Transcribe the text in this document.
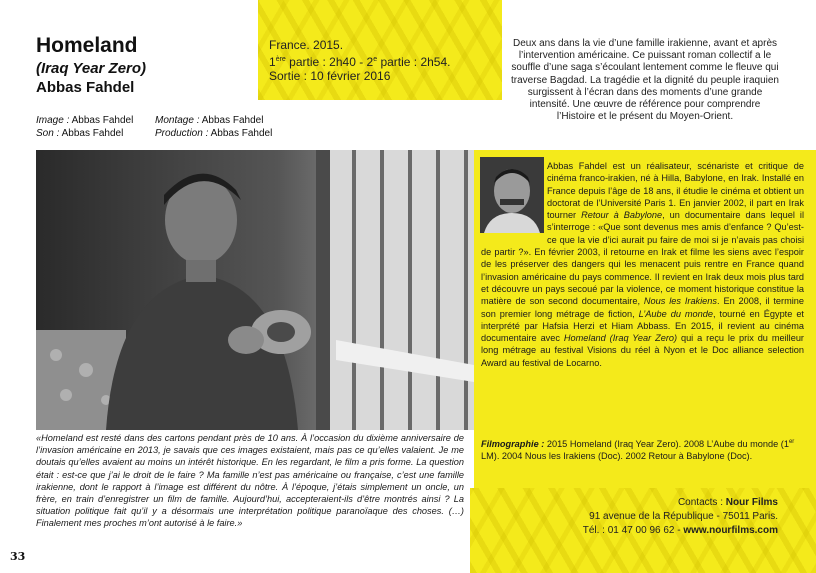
Homeland
(Iraq Year Zero)
Abbas Fahdel
Image : Abbas Fahdel Montage : Abbas Fahdel
Son : Abbas Fahdel	Production : Abbas Fahdel
France. 2015.
1ère partie : 2h40 - 2e partie : 2h54.
Sortie : 10 février 2016
Deux ans dans la vie d’une famille irakienne, avant et après l’intervention américaine. Ce puissant roman collectif a le souffle d’une saga s’écoulant lentement comme le fleuve qui traverse Bagdad. La tragédie et la dignité du peuple iraquien surgissent à l’écran dans des moments d’une grande intensité. Une œuvre de référence pour comprendre l’Histoire et le présent du Moyen-Orient.
Abbas Fahdel est un réalisateur, scénariste et critique de cinéma franco-irakien, né à Hilla, Babylone, en Irak. Installé en France depuis l’âge de 18 ans, il étudie le cinéma et obtient un doctorat de l’Université Paris 1. En janvier 2002, il part en Irak tourner Retour à Babylone, un documentaire dans lequel il s’interroge : «Que sont devenus mes amis d’enfance ? Qu’est-ce que la vie d’ici aurait pu faire de moi si je n’avais pas choisi de partir ?». En février 2003, il retourne en Irak et filme les siens avec l’espoir de les préserver des dangers qui les menacent puis rentre en France quand l’invasion américaine du pays commence. Il revient en Irak deux mois plus tard et découvre un pays secoué par la violence, ce moment historique constitue la matière de son second documentaire, Nous les Irakiens. En 2008, il termine son premier long métrage de fiction, L’Aube du monde, tourné en Égypte et interprété par Hafsia Herzi et Hiam Abbass. En 2015, il revient au cinéma documentaire avec Homeland (Iraq Year Zero) qui a reçu le prix du meilleur long métrage au festival Visions du réel à Nyon et le Doc alliance selection Award au festival de Locarno.
Filmographie : 2015 Homeland (Iraq Year Zero). 2008 L’Aube du monde (1er LM). 2004 Nous les Irakiens (Doc). 2002 Retour à Babylone (Doc).
«Homeland est resté dans des cartons pendant près de 10 ans. À l’occasion du dixième anniversaire de l’invasion américaine en 2013, je savais que ces images existaient, mais pas ce qu’elles valaient. Je me doutais qu’elles avaient au moins un intérêt historique. En les regardant, le film a pris forme. La question était : est-ce que j’ai le droit de le faire ? Ma famille n’est pas américaine ou française, c’est une famille irakienne, dont le rapport à l’image est différent du nôtre. À l’époque, j’étais simplement un oncle, un frère, en train d’enregistrer un film de famille. Aujourd’hui, accepteraient-ils d’être montrés ainsi ? La situation politique fait qu’il y a désormais une interprétation politique paranoïaque des choses. (…) Finalement mes proches m’ont autorisé à le faire.»
Contacts : Nour Films
91 avenue de la République - 75011 Paris.
Tél. : 01 47 00 96 62 - www.nourfilms.com
33
